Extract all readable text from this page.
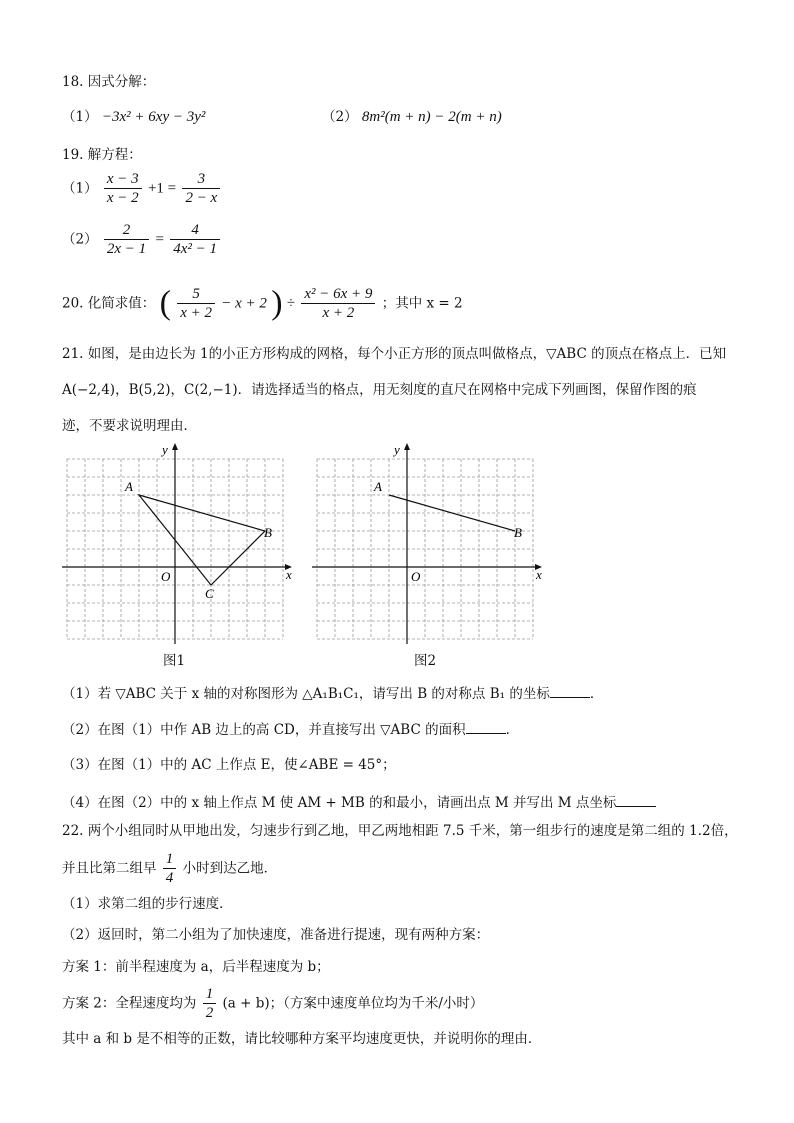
18. 因式分解：
（1） −3x² + 6xy − 3y²	（2） 8m²(m + n) − 2(m + n)
19. 解方程：
$(1) \frac{x - 3}{x - 2} +1 = \frac{3}{2 - x}$
$(2) \frac{2}{2x - 1} = \frac{4}{\text{4x² − 1}}$
20. 化简求值： ( $\frac{5}{x + 2} - x + 2$ ) ÷ $\frac{\text{x² − 6x + 9}}{x + 2}$ ；其中 x = 2
21. 如图，是由边长为 1的小正方形构成的网格，每个小正方形的顶点叫做格点，▽ABC 的顶点在格点上．已知
A(−2,4)，B(5,2)，C(2,−1)．请选择适当的格点，用无刻度的直尺在网格中完成下列画图，保留作图的痕
迹，不要求说明理由．
y
x
O
A
B
C
图1
y
x
O
A
B
图2
（1）若 ▽ABC 关于 x 轴的对称图形为 △A₁B₁C₁，请写出 B 的对称点 B₁ 的坐标	．
（2）在图（1）中作 AB 边上的高 CD，并直接写出 ▽ABC 的面积	．
（3）在图（1）中的 AC 上作点 E，使∠ABE = 45°；
（4）在图（2）中的 x 轴上作点 M 使 AM + MB 的和最小，请画出点 M 并写出 M 点坐标
22. 两个小组同时从甲地出发，匀速步行到乙地，甲乙两地相距 7.5 千米，第一组步行的速度是第二组的 1.2倍，
并且比第二组早 $\frac{1}{4}$ 小时到达乙地．
（1）求第二组的步行速度．
（2）返回时，第二小组为了加快速度，准备进行提速，现有两种方案：
方案 1：前半程速度为 a，后半程速度为 b；
方案 2：全程速度均为 $\frac{1}{2} (a + b)$；（方案中速度单位均为千米/小时）
其中 a 和 b 是不相等的正数，请比较哪种方案平均速度更快，并说明你的理由．
